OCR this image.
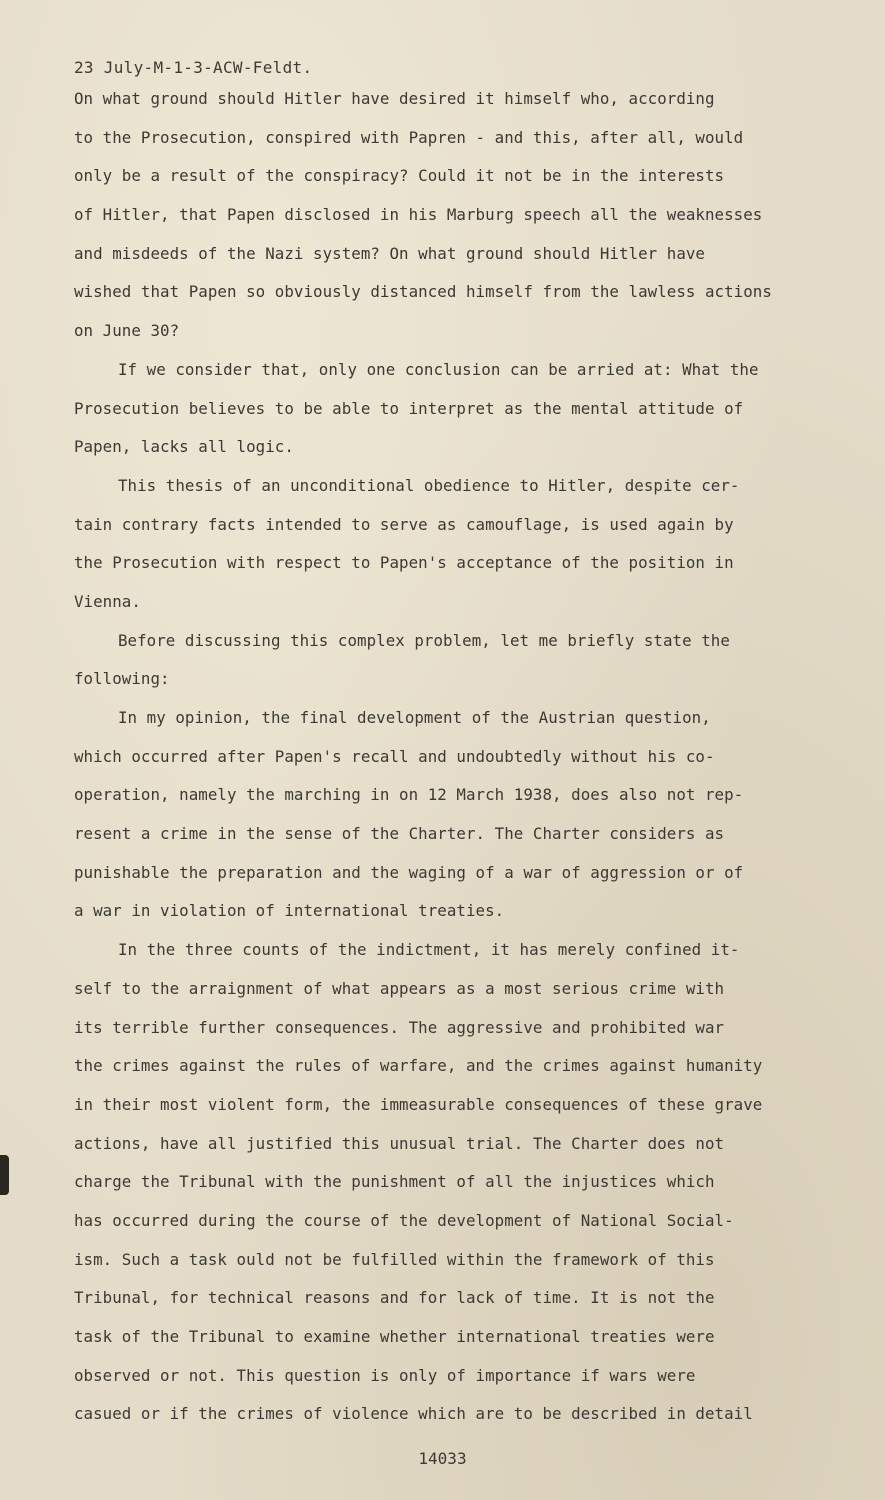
23 July-M-1-3-ACW-Feldt.
On what ground should Hitler have desired it himself who, according
to the Prosecution, conspired with Papren - and this, after all, would
only be a result of the conspiracy? Could it not be in the interests
of Hitler, that Papen disclosed in his Marburg speech all the weaknesses
and misdeeds of the Nazi system? On what ground should Hitler have
wished that Papen so obviously distanced himself from the lawless actions
on June 30?
If we consider that, only one conclusion can be arried at: What the
Prosecution believes to be able to interpret as the mental attitude of
Papen, lacks all logic.
This thesis of an unconditional obedience to Hitler, despite cer-
tain contrary facts intended to serve as camouflage, is used again by
the Prosecution with respect to Papen's acceptance of the position in
Vienna.
Before discussing this complex problem, let me briefly state the
following:
In my opinion, the final development of the Austrian question,
which occurred after Papen's recall and undoubtedly without his co-
operation, namely the marching in on 12 March 1938, does also not rep-
resent a crime in the sense of the Charter. The Charter considers as
punishable the preparation and the waging of a war of aggression or of
a war in violation of international treaties.
In the three counts of the indictment, it has merely confined it-
self to the arraignment of what appears as a most serious crime with
its terrible further consequences. The aggressive and prohibited war
the crimes against the rules of warfare, and the crimes against humanity
in their most violent form, the immeasurable consequences of these grave
actions, have all justified this unusual trial. The Charter does not
charge the Tribunal with the punishment of all the injustices which
has occurred during the course of the development of National Social-
ism. Such a task ould not be fulfilled within the framework of this
Tribunal, for technical reasons and for lack of time. It is not the
task of the Tribunal to examine whether international treaties were
observed or not. This question is only of importance if wars were
casued or if the crimes of violence which are to be described in detail
14033
